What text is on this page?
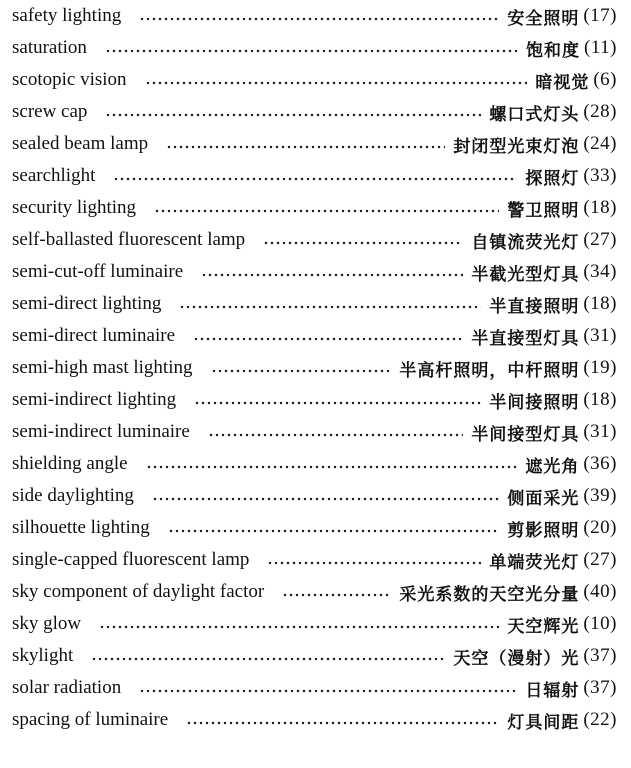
safety lighting	安全照明 (17)
saturation	饱和度 (11)
scotopic vision	暗视觉 (6)
screw cap	螺口式灯头 (28)
sealed beam lamp	封闭型光束灯泡 (24)
searchlight	探照灯 (33)
security lighting	警卫照明 (18)
self-ballasted fluorescent lamp	自镇流荧光灯 (27)
semi-cut-off luminaire	半截光型灯具 (34)
semi-direct lighting	半直接照明 (18)
semi-direct luminaire	半直接型灯具 (31)
semi-high mast lighting	半高杆照明，中杆照明 (19)
semi-indirect lighting	半间接照明 (18)
semi-indirect luminaire	半间接型灯具 (31)
shielding angle	遮光角 (36)
side daylighting	侧面采光 (39)
silhouette lighting	剪影照明 (20)
single-capped fluorescent lamp	单端荧光灯 (27)
sky component of daylight factor	采光系数的天空光分量 (40)
sky glow	天空辉光 (10)
skylight	天空（漫射）光 (37)
solar radiation	日辐射 (37)
spacing of luminaire	灯具间距 (22)
